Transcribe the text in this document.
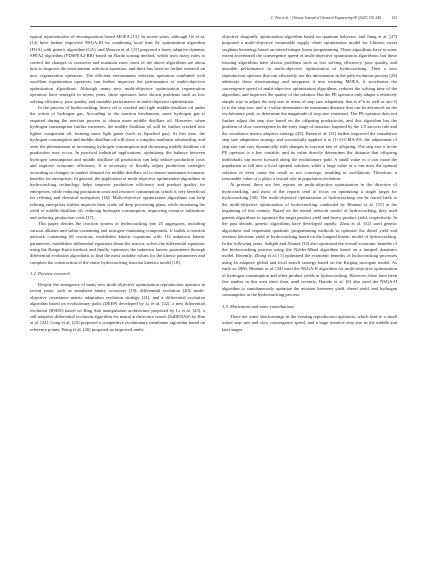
C. Fan et al. / Chinese Journal of Chemical Engineering 00 (2025) 130–146	131

typical representative of decomposition based MOEA [13]. In recent years, although Ge et al. [14] have further improved NSGA-III by combining local fruit fly optimization algorithm (FOA) with genetic algorithm (GA), and Maurya et al. [15] proposed a fuzzy adaptive dynamic SPEA2 algorithm (FDSPEA2-BR) based on Borda sorting method, which uses fuzzy rules to control the changes in crossover and mutation rates, most of the above algorithms are about how to improve the environment selection operation, and there has been no further research on new regeneration operators. The efficient environment selection operation combined with excellent regeneration operators can further improves the performance of multi-objective optimization algorithms. Although many new multi-objective optimization regeneration operators have emerged in recent years, these operators have shown problems such as low solving efficiency, poor quality, and unstable performance in multi-objective optimization.

In the process of hydrocracking, heavy oil is cracked into light middle distillate oil under the action of hydrogen gas. According to the reaction mechanism, more hydrogen gas is required during the reaction process to obtain more middle distillate oil. However, when hydrogen consumption further increases, the middle distillate oil will be further cracked into lighter component oil, forming more light gases (such as liquefied gas). At this time, the hydrogen consumption and middle distillate oil will show a complex nonlinear relationship, and even the phenomenon of increasing hydrogen consumption and decreasing middle distillate oil production may occur. In practical industrial applications, optimizing the balance between hydrogen consumption and middle distillate oil production can help reduce production costs and improve economic efficiency. It is necessary to flexibly adjust production strategies according to changes in market demand for middle distillate oil to ensure maximum economic benefits for enterprises. In general, the application of multi-objective optimization algorithms in hydrocracking technology helps improve production efficiency and product quality for enterprises, while reducing production costs and resource consumption, which is very beneficial for refining and chemical enterprises [16]. Multi-objective optimization algorithms can help refining enterprises further improve their crude oil deep processing plans, while increasing the yield of middle distillate oil, reducing hydrogen consumption, improving resource utilization, and reducing production costs [17].

This paper divides the reaction system of hydrocracking into 25 aggregates, including various alkanes and sulfur-containing and nitrogen-containing compounds. It builds a reaction network containing 68 reactions, establishes kinetic equations with 112 unknown kinetic parameters, establishes differential equations about the reactor, solves the differential equations using the Runge-Kutta method, and finally, optimizes the unknown kinetic parameters through differential evolution algorithms to find the most suitable values for the kinetic parameters and complete the construction of the entire hydrocracking reaction kinetics model [18].

1.2. Preview research

Despite the emergence of many new multi-objective optimization reproduction operator in recent years, such as simulated binary crossover [19], differential evolution [20], multi-objective covariance matrix adaptation evolution strategy [21], and a differential evolution algorithm based on evolutionary paths (DEEP) developed by Li et al. [22], a new differential evolution (RSDE) based on Ring Sub manipulation architecture proposed by Li et al. [23], a self-adaptive differential evolution algorithm for neural architecture search (SaDENAS) by Han et al. [24], Cong et al. [25] proposed a competitive evolutionary membrane algorithm based on reference points, Wang et al. [26] proposed an improved multi-

objective dragonfly optimization algorithm based on quantum behavior, and Jiang et al. [27] proposed a multi-objective sustainable supply chain optimization model for Chinese sweet sorghum bioenergy based on mixed-integer linear programming. These algorithms have to some extent accelerated the convergence speed of multi-objective optimization algorithms, but these existing algorithms have shown problems such as low solving efficiency, poor quality, and unstable performance in multi-objective optimization of hydrocracking. Then a new reproduction operator that can efficiently use the information in the path evolution process [28] addresses these shortcomings and integrates it into existing MOEA, it accelerates the convergence speed of multi-objective optimization algorithms, reduces the solving time of the algorithm, and improves the quality of the solution. But the PE operator only adopts a relatively simple way to adjust the step size in terms of step size adaptation, that is a*u as well as a(u−l) (a is the step size, and u−l value determines the maximum distance that can be advanced on the evolutionary path, so determine the magnitude of step size variation). The PE operator does not further adjust the step size based on the offspring productivity, and this algorithm has the problem of slow convergence in the early stage of iteration. Inspired by the 1/5 success rule and the covariance matrix adaptive strategy [29], Hasen et al. [21] further improved the cumulative step size adaptation strategy and successfully applied it to (1+λ)-CMA-ES, the adjustment of step size can vary dynamically with changes in survival rate of offspring. The step size σ in the PE operator is a key variable, and its value directly determines the distance that offspring individuals can move forward along the evolutionary path. A small value of σ can cause the population to fall into a local optimal solution, while a large value of σ can miss the optimal solution or even cause the result to not converge, resulting in oscillations. Therefore, a reasonable value of σ plays a crucial role in population evolution.

At present, there are few reports on multi-objective optimization in the direction of hydrocracking, and most of the reports tend to focus on optimizing a single target for hydrocracking [30]. The multi-objective optimization of hydrocracking can be traced back to the multi-objective optimization of hydrocracking conducted by Bhutani et al. [31] at the beginning of this century. Based on the neural network model of hydrocracking, they used genetic algorithms to optimize the target product yield and heavy product yield, respectively. In the past decade, genetic algorithms have developed rapidly. Zhou et al. [32] used genetic algorithms and sequential quadratic programming methods to optimize the diesel yield and aviation kerosene yield of hydrocracking based on the lumped kinetic model of hydrocracking. In the following years, Sadighi and Ahmad [33] also optimized the overall economic benefits of the hydrocracking process using the Nelder-Mead algorithm based on a lumped dynamics model. Recently, Zhong et al. [1] optimized the economic benefits of hydrocracking processes using an adaptive global and local search strategy based on the Kriging surrogate model. As early as 2006, Bhutani et al. [34] used the NSGA-II algorithm for multi-objective optimization of hydrogen consumption and other product yields in hydrocracking. However, there have been few studies in this area since then, until recently, Harode et al. [6] also used the NSGA-II algorithm to simultaneously optimize the aviation kerosene yield, diesel yield, and hydrogen consumption in the hydrocracking process.

1.3. Motivation and main contributions

There are some shortcomings in the existing reproduction operators, which lead to a small initial step size and slow convergence speed, and a large iterative step size in the middle and later stages,
